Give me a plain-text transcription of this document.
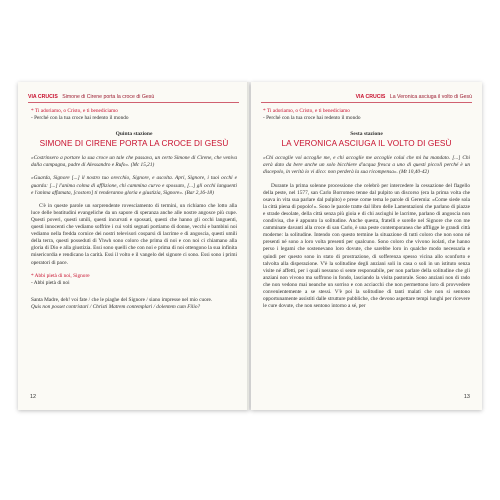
VIA CRUCIS Simone di Cirene porta la croce di Gesù

* Ti adoriamo, o Cristo, e ti benediciamo

- Perché con la tua croce hai redento il mondo

Quinta stazione

SIMONE DI CIRENE PORTA LA CROCE DI GESÙ

«Costrinsero a portare la sua croce un tale che passava, un certo Simone di Cirene, che veniva dalla campagna, padre di Alessandro e Rufo». (Mc 15,21)

«Guarda, Signore [...] il nostro tuo orecchio, Signore, e ascolta. Apri, Signore, i tuoi occhi e guarda: [...] l'anima colma di afflizione, chi cammina curvo e spossato, [...] gli occhi languenti e l'anima affamata, [costoro] ti renderanno gloria e giustizia, Signore». (Bar 2,16-18)

C'è in queste parole un sorprendente rovesciamento di termini, un richiamo che lotto alla luce delle beatitudini evangeliche da un sapore di speranza anche alle nostre angosce più cupe. Questi poveri, questi umili, questi incurvati e spossati, questi che hanno gli occhi languenti, questi innocenti che vediamo soffrire i cui volti segnati portiamo di donne, vecchi e bambini noi vediamo nella fredda cornice dei nostri televisori cosparsi di lacrime e di angoscia, questi umili della terra, questi posseduti di Yhwh sono coloro che prima di noi e con noi ci chiamano alla gloria di Dio e alla giustizia. Essi sono quelli che con noi e prima di noi ottengono la sua infinita misericordia e rendicano la carità. Essi il volto e il vangelo del signore ci sono. Essi sono i primi operatori di pace.

* Abbi pietà di noi, Signore

- Abbi pietà di noi

Santa Madre, deh! voi fate / che le piaghe del Signore / siano impresse nel mio cuore.

Quis non posset contristari / Christi Matrem contemplari / dolentem cum Filio?

12
VIA CRUCIS La Veronica asciuga il volto di Gesù

* Ti adoriamo, o Cristo, e ti benediciamo

- Perché con la tua croce hai redento il mondo

Sesta stazione

LA VERONICA ASCIUGA IL VOLTO DI GESÙ

«Chi accoglie voi accoglie me, e chi accoglie me accoglie colui che mi ha mandato. [...] Chi avrà dato da bere anche un solo bicchiere d'acqua fresca a uno di questi piccoli perché è un discepolo, in verità io vi dico: non perderà la sua ricompensa». (Mt 10,40-42)

Durante la prima solenne processione che celebrò per intercedere la cessazione del flagello della peste, nel 1577, san Carlo Borromeo tenne dal pulpito un discorso (era la prima volta che osava in vita sua parlare dal pulpito) e prese come tema le parole di Geremia: «Come siede sola la città piena di popolo!». Sono le parole tratte dal libro delle Lamentazioni che parlano di piazze e strade desolate, della città senza più gioia e di chi asciughi le lacrime, parlano di angoscia non condivisa, che è appunto la solitudine. Anche questa, fratelli e sorelle nel Signore che con me camminate davanti alla croce di san Carlo, è una peste contemporanea che affligge le grandi città moderne: la solitudine. Intendo con questo termine la situazione di tutti coloro che non sono né presenti né sono a loro volta presenti per qualcuno. Sono coloro che vivono isolati, che hanno perso i legami che sostenevano loro dovute, che sarebbe loro in qualche modo necessaria e quindi per questo sono in stato di prostrazione, di sofferenza spesso vicina allo sconforto e talvolta alla disperazione. V'è la solitudine degli anziani soli in casa o soli in un istituto senza visite né affetti, per i quali nessuno si sente responsabile, per non parlare della solitudine che gli anziani non vivono ma soffrono in fondo, lasciando la visita pastorale. Sono anziani non di rado che non vedono mai neanche un sorriso e con acciacchi che non permettono loro di provvedere convenientemente a se stessi. V'è poi la solitudine di tanti malati che non si sentono opportunamente assistiti dalle strutture pubbliche, che devono aspettare tempi lunghi per ricevere le cure dovute, che non sentono intorno a sé, per

13
